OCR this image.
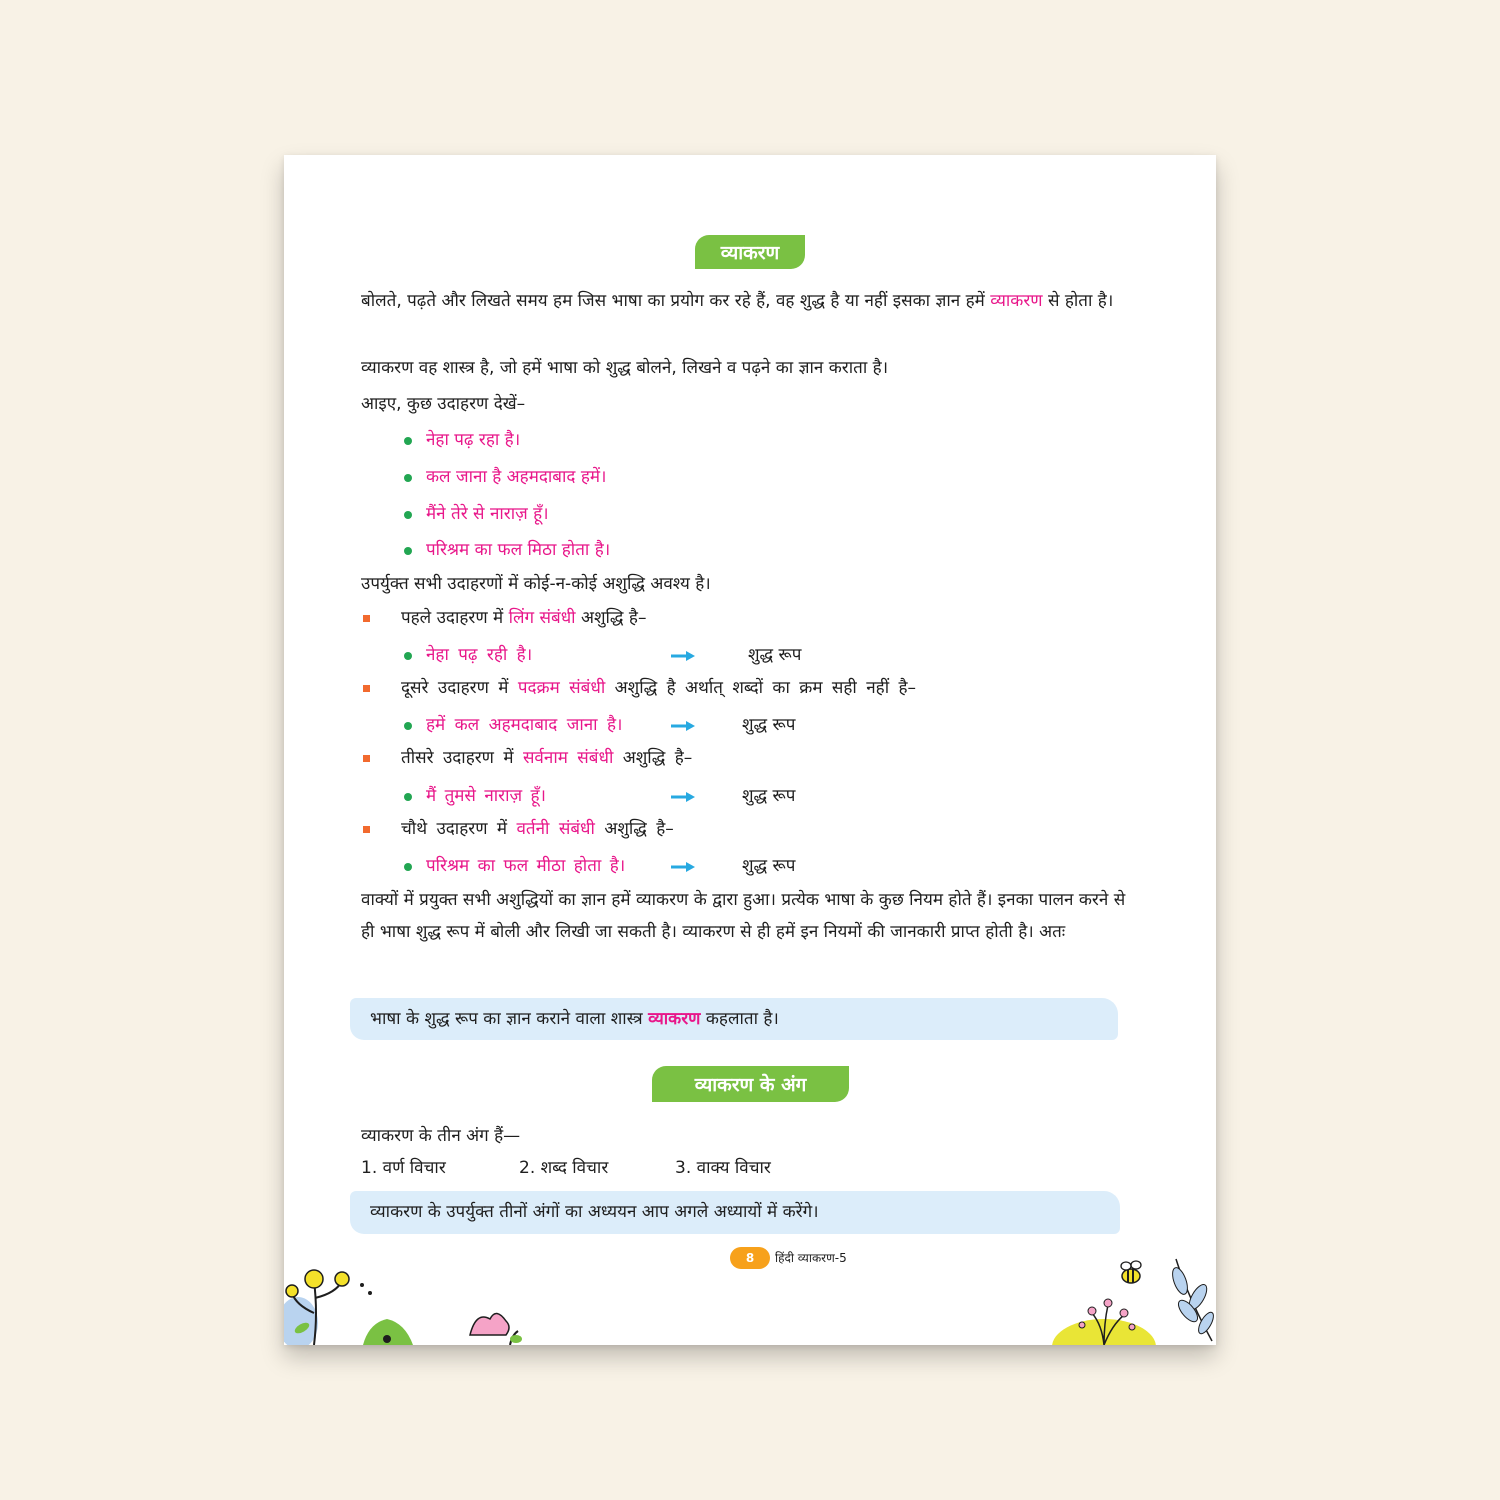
व्याकरण
बोलते, पढ़ते और लिखते समय हम जिस भाषा का प्रयोग कर रहे हैं, वह शुद्ध है या नहीं इसका ज्ञान हमें व्याकरण से होता है।
व्याकरण वह शास्त्र है, जो हमें भाषा को शुद्ध बोलने, लिखने व पढ़ने का ज्ञान कराता है।
आइए, कुछ उदाहरण देखें–
नेहा पढ़ रहा है।
कल जाना है अहमदाबाद हमें।
मैंने तेरे से नाराज़ हूँ।
परिश्रम का फल मिठा होता है।
उपर्युक्त सभी उदाहरणों में कोई-न-कोई अशुद्धि अवश्य है।
पहले उदाहरण में लिंग संबंधी अशुद्धि है–
नेहा पढ़ रही है।	शुद्ध रूप
दूसरे उदाहरण में पदक्रम संबंधी अशुद्धि है अर्थात् शब्दों का क्रम सही नहीं है–
हमें कल अहमदाबाद जाना है।	शुद्ध रूप
तीसरे उदाहरण में सर्वनाम संबंधी अशुद्धि है–
मैं तुमसे नाराज़ हूँ।	शुद्ध रूप
चौथे उदाहरण में वर्तनी संबंधी अशुद्धि है–
परिश्रम का फल मीठा होता है।	शुद्ध रूप
वाक्यों में प्रयुक्त सभी अशुद्धियों का ज्ञान हमें व्याकरण के द्वारा हुआ। प्रत्येक भाषा के कुछ नियम होते हैं। इनका पालन करने से ही भाषा शुद्ध रूप में बोली और लिखी जा सकती है। व्याकरण से ही हमें इन नियमों की जानकारी प्राप्त होती है। अतः
भाषा के शुद्ध रूप का ज्ञान कराने वाला शास्त्र व्याकरण कहलाता है।
व्याकरण के अंग
व्याकरण के तीन अंग हैं—
1. वर्ण विचार	2. शब्द विचार	3. वाक्य विचार
व्याकरण के उपर्युक्त तीनों अंगों का अध्ययन आप अगले अध्यायों में करेंगे।
8	हिंदी व्याकरण-5
